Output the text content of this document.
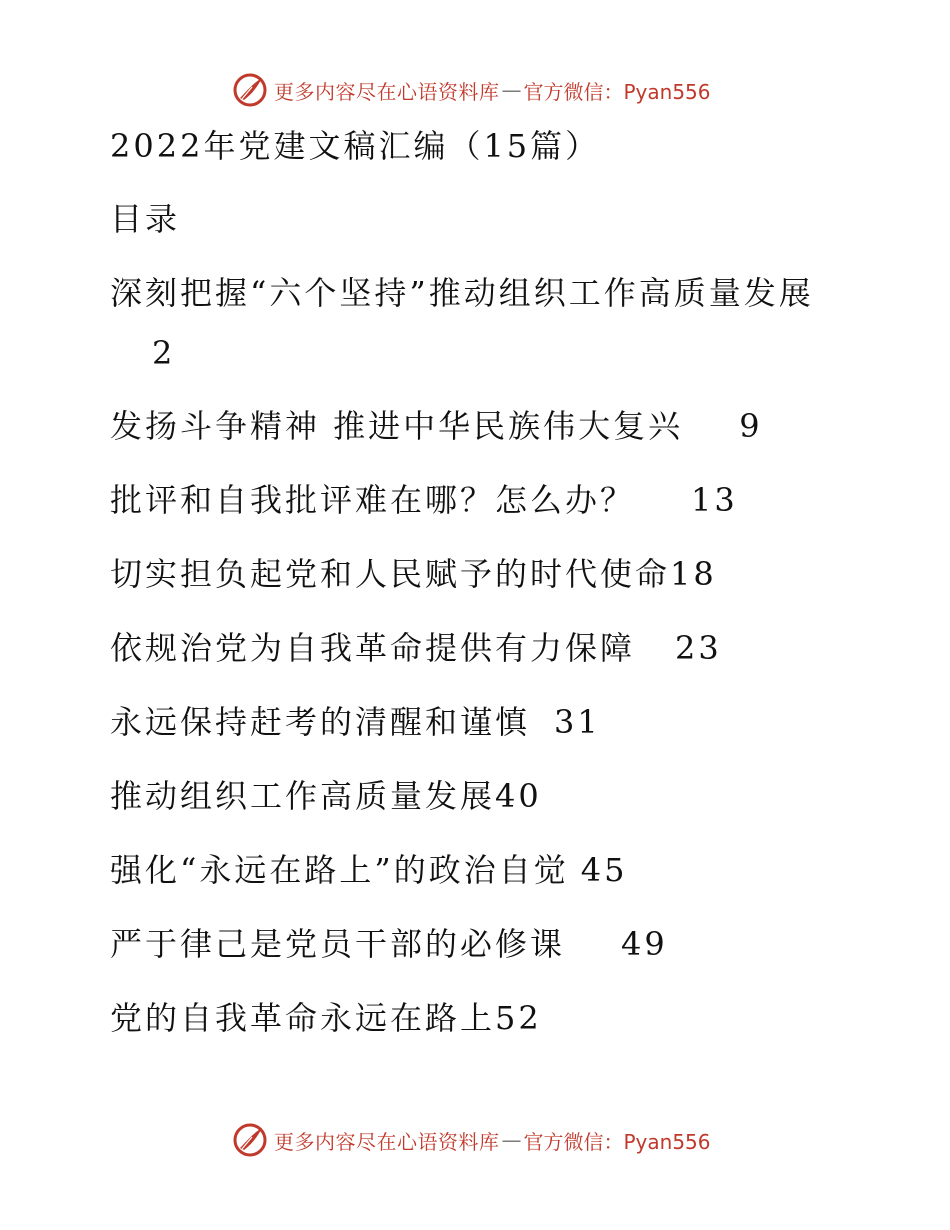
更多内容尽在心语资料库 — 官方微信：Pyan556
2022年党建文稿汇编（15篇）
目录
深刻把握“六个坚持”推动组织工作高质量发展
2
发扬斗争精神 推进中华民族伟大复兴 9
批评和自我批评难在哪？怎么办？ 13
切实担负起党和人民赋予的时代使命18
依规治党为自我革命提供有力保障 23
永远保持赶考的清醒和谨慎 31
推动组织工作高质量发展40
强化“永远在路上”的政治自觉 45
严于律己是党员干部的必修课 49
党的自我革命永远在路上52
更多内容尽在心语资料库 — 官方微信：Pyan556
